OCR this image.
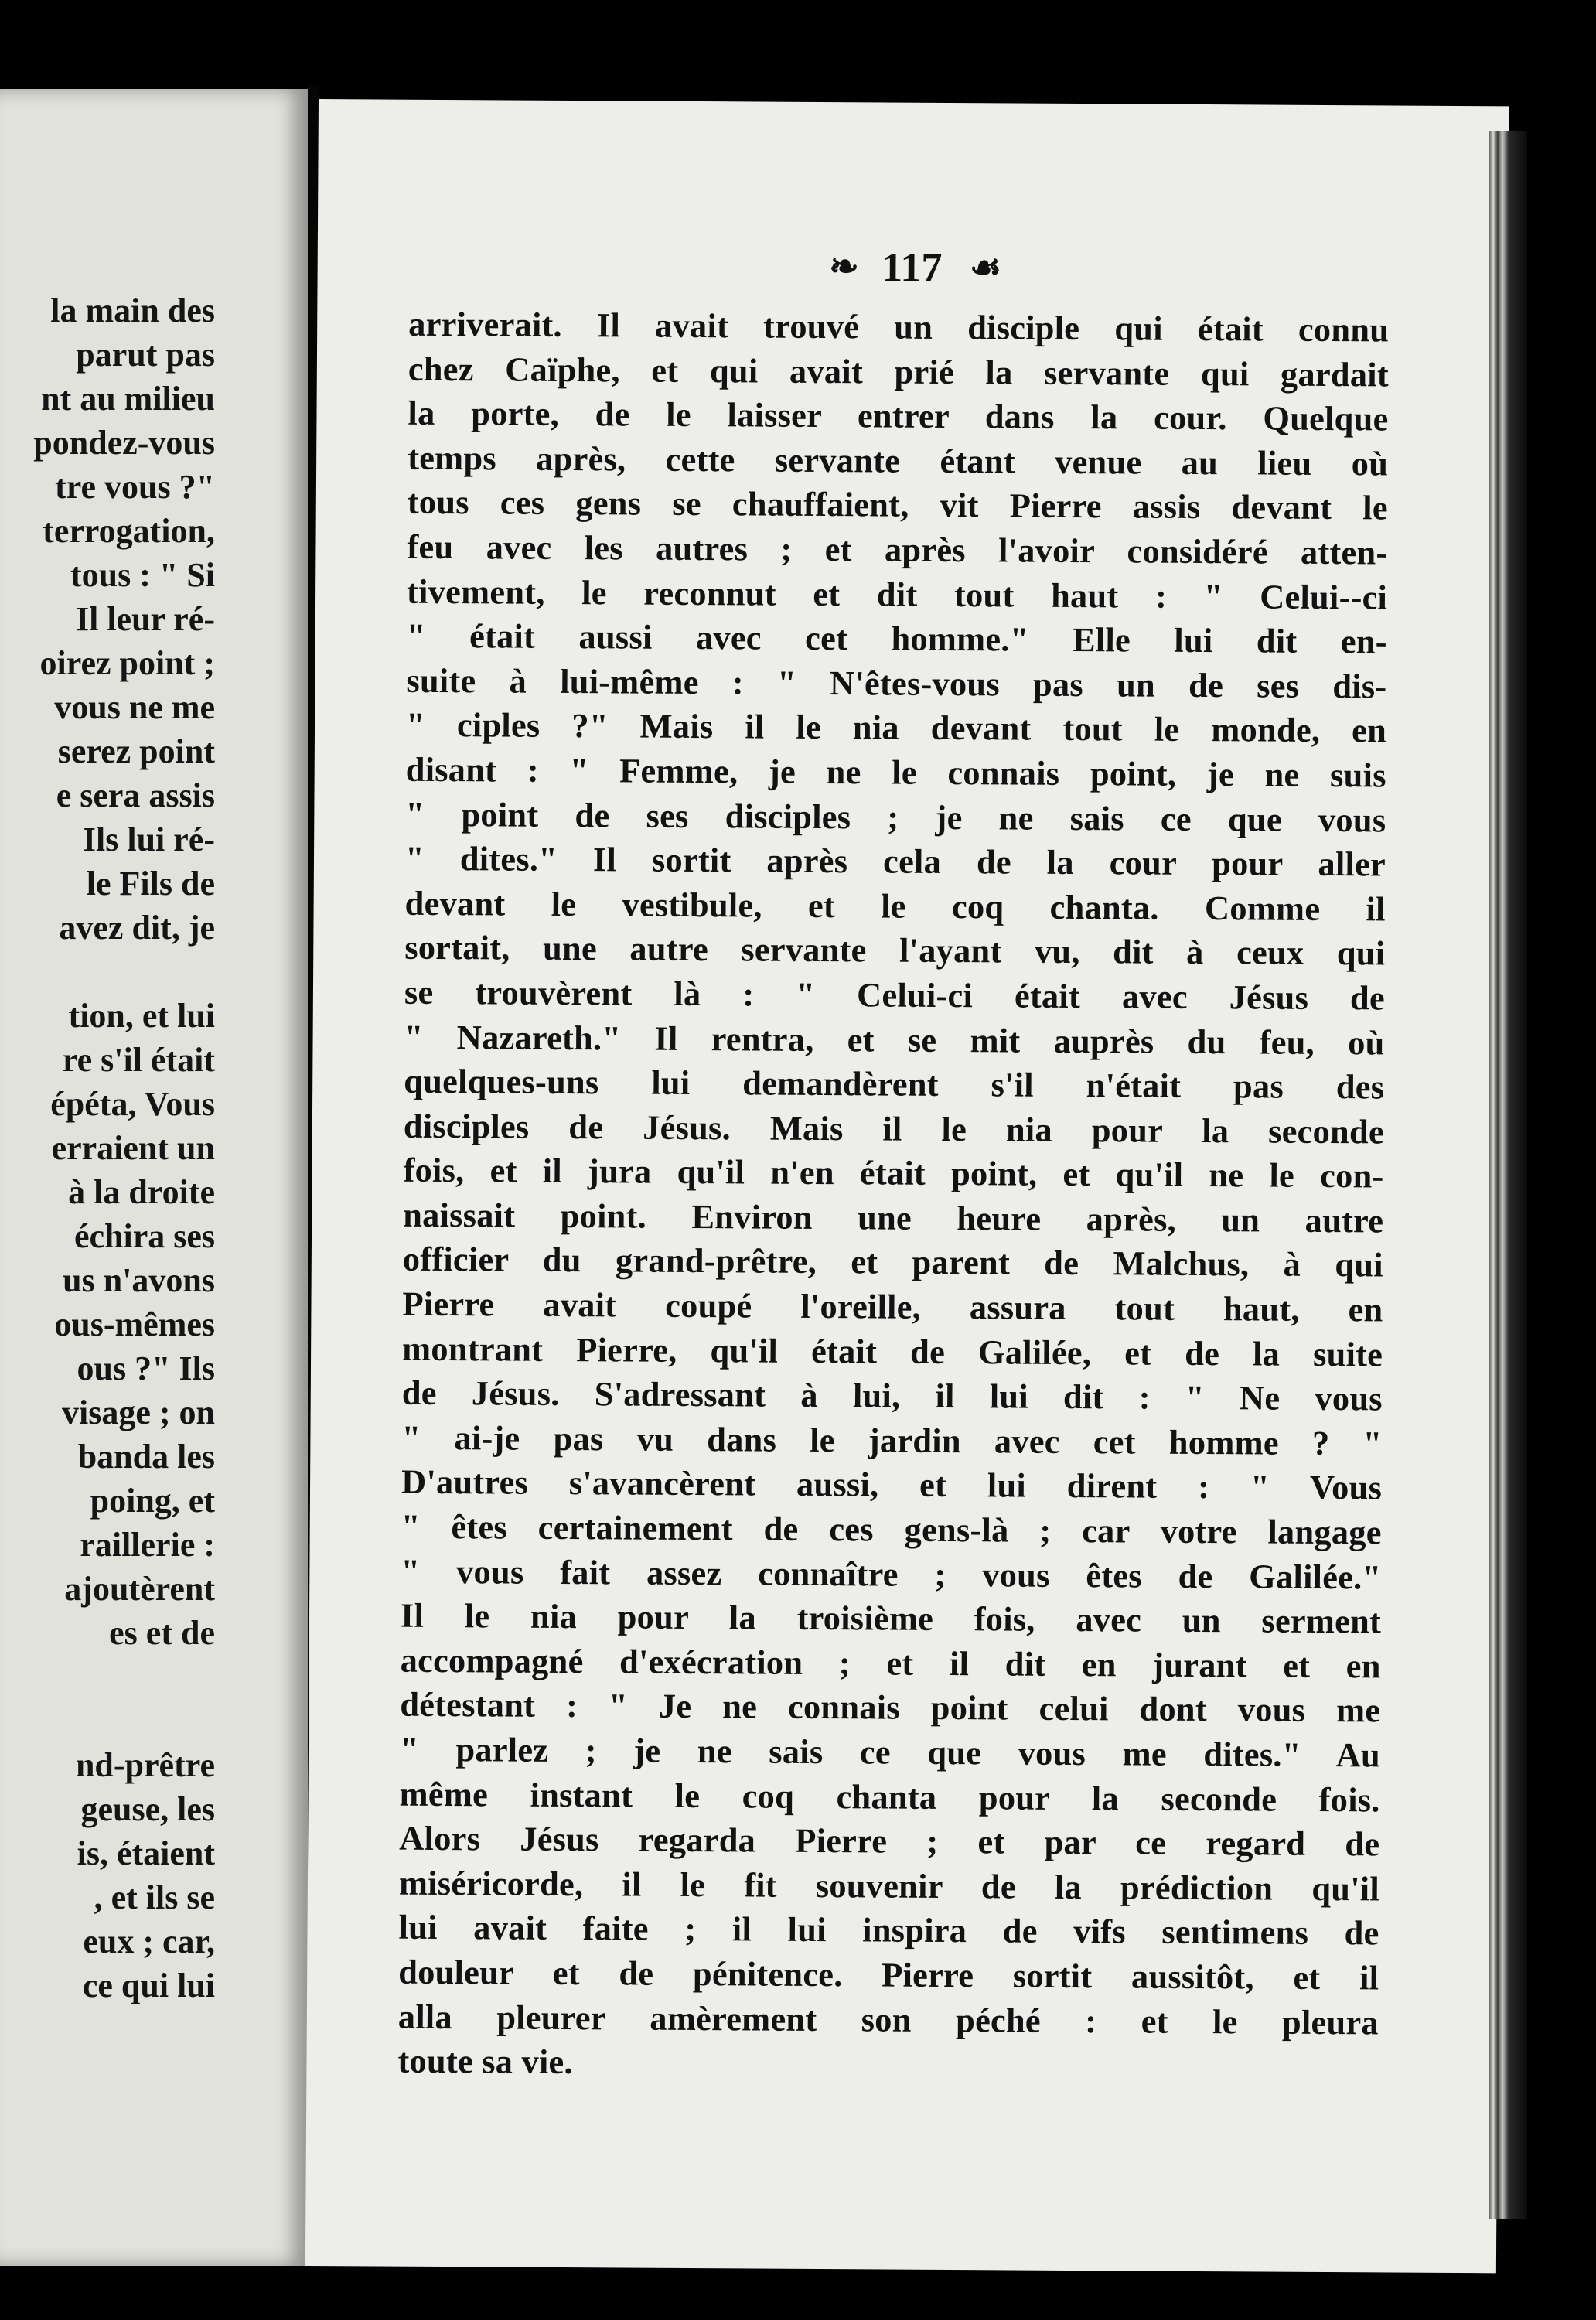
la main des
parut pas
nt au milieu
pondez-vous
tre vous ?"
terrogation,
tous : " Si
Il leur ré-
oirez point ;
vous ne me
serez point
e sera assis
Ils lui ré-
le Fils de
avez dit, je

tion, et lui
re s'il était
épéta, Vous
erraient un
à la droite
échira ses
us n'avons
ous-mêmes
ous ?" Ils
visage ; on
banda les
poing, et
raillerie :
ajoutèrent
es et de

nd-prêtre
geuse, les
is, étaient
, et ils se
eux ; car,
ce qui lui
❧ 117 ☙
arriverait. Il avait trouvé un disciple qui était connu
chez Caïphe, et qui avait prié la servante qui gardait
la porte, de le laisser entrer dans la cour. Quelque
temps après, cette servante étant venue au lieu où
tous ces gens se chauffaient, vit Pierre assis devant le
feu avec les autres ; et après l'avoir considéré atten-
tivement, le reconnut et dit tout haut : " Celui--ci
" était aussi avec cet homme." Elle lui dit en-
suite à lui-même : " N'êtes-vous pas un de ses dis-
" ciples ?" Mais il le nia devant tout le monde, en
disant : " Femme, je ne le connais point, je ne suis
" point de ses disciples ; je ne sais ce que vous
" dites." Il sortit après cela de la cour pour aller
devant le vestibule, et le coq chanta. Comme il
sortait, une autre servante l'ayant vu, dit à ceux qui
se trouvèrent là : " Celui-ci était avec Jésus de
" Nazareth." Il rentra, et se mit auprès du feu, où
quelques-uns lui demandèrent s'il n'était pas des
disciples de Jésus. Mais il le nia pour la seconde
fois, et il jura qu'il n'en était point, et qu'il ne le con-
naissait point. Environ une heure après, un autre
officier du grand-prêtre, et parent de Malchus, à qui
Pierre avait coupé l'oreille, assura tout haut, en
montrant Pierre, qu'il était de Galilée, et de la suite
de Jésus. S'adressant à lui, il lui dit : " Ne vous
" ai-je pas vu dans le jardin avec cet homme ? "
D'autres s'avancèrent aussi, et lui dirent : " Vous
" êtes certainement de ces gens-là ; car votre langage
" vous fait assez connaître ; vous êtes de Galilée."
Il le nia pour la troisième fois, avec un serment
accompagné d'exécration ; et il dit en jurant et en
détestant : " Je ne connais point celui dont vous me
" parlez ; je ne sais ce que vous me dites." Au
même instant le coq chanta pour la seconde fois.
Alors Jésus regarda Pierre ; et par ce regard de
miséricorde, il le fit souvenir de la prédiction qu'il
lui avait faite ; il lui inspira de vifs sentimens de
douleur et de pénitence. Pierre sortit aussitôt, et il
alla pleurer amèrement son péché : et le pleura
toute sa vie.
